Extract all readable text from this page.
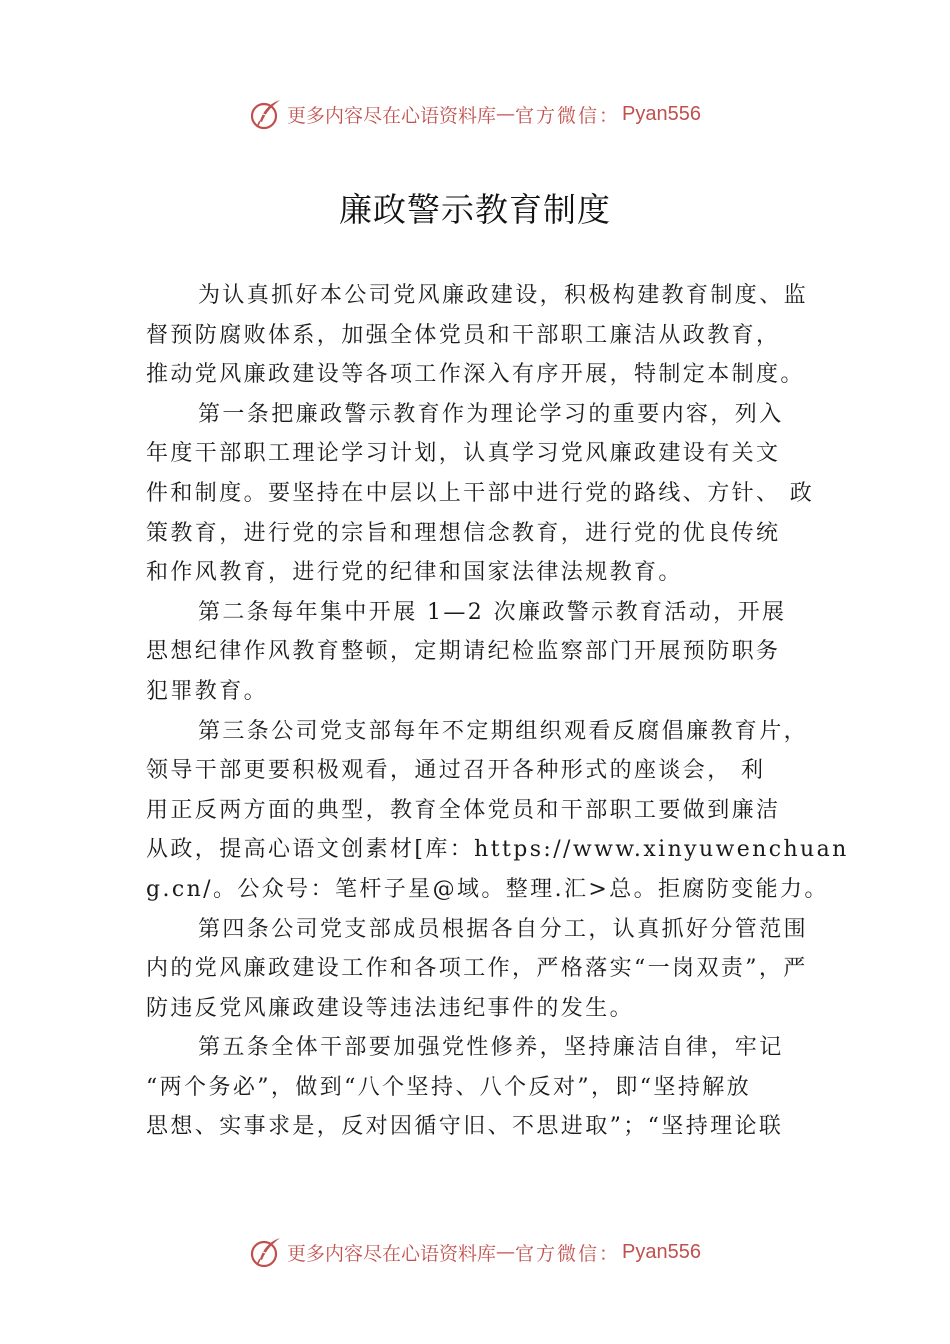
更多内容尽在心语资料库 — 官方微信： Pyan556
廉政警示教育制度
为认真抓好本公司党风廉政建设，积极构建教育制度、监
督预防腐败体系，加强全体党员和干部职工廉洁从政教育，
推动党风廉政建设等各项工作深入有序开展，特制定本制度。
第一条把廉政警示教育作为理论学习的重要内容，列入
年度干部职工理论学习计划，认真学习党风廉政建设有关文
件和制度。要坚持在中层以上干部中进行党的路线、方针、 政
策教育，进行党的宗旨和理想信念教育，进行党的优良传统
和作风教育，进行党的纪律和国家法律法规教育。
第二条每年集中开展 1—2 次廉政警示教育活动，开展
思想纪律作风教育整顿，定期请纪检监察部门开展预防职务
犯罪教育。
第三条公司党支部每年不定期组织观看反腐倡廉教育片，
领导干部更要积极观看，通过召开各种形式的座谈会， 利
用正反两方面的典型，教育全体党员和干部职工要做到廉洁
从政，提高心语文创素材[库：https://www.xinyuwenchuan
g.cn/。公众号：笔杆子星@域。整理.汇>总。拒腐防变能力。
第四条公司党支部成员根据各自分工，认真抓好分管范围
内的党风廉政建设工作和各项工作，严格落实“一岗双责”，严
防违反党风廉政建设等违法违纪事件的发生。
第五条全体干部要加强党性修养，坚持廉洁自律，牢记
“两个务必”，做到“八个坚持、八个反对”，即“坚持解放
思想、实事求是，反对因循守旧、不思进取”；“坚持理论联
更多内容尽在心语资料库 — 官方微信： Pyan556
